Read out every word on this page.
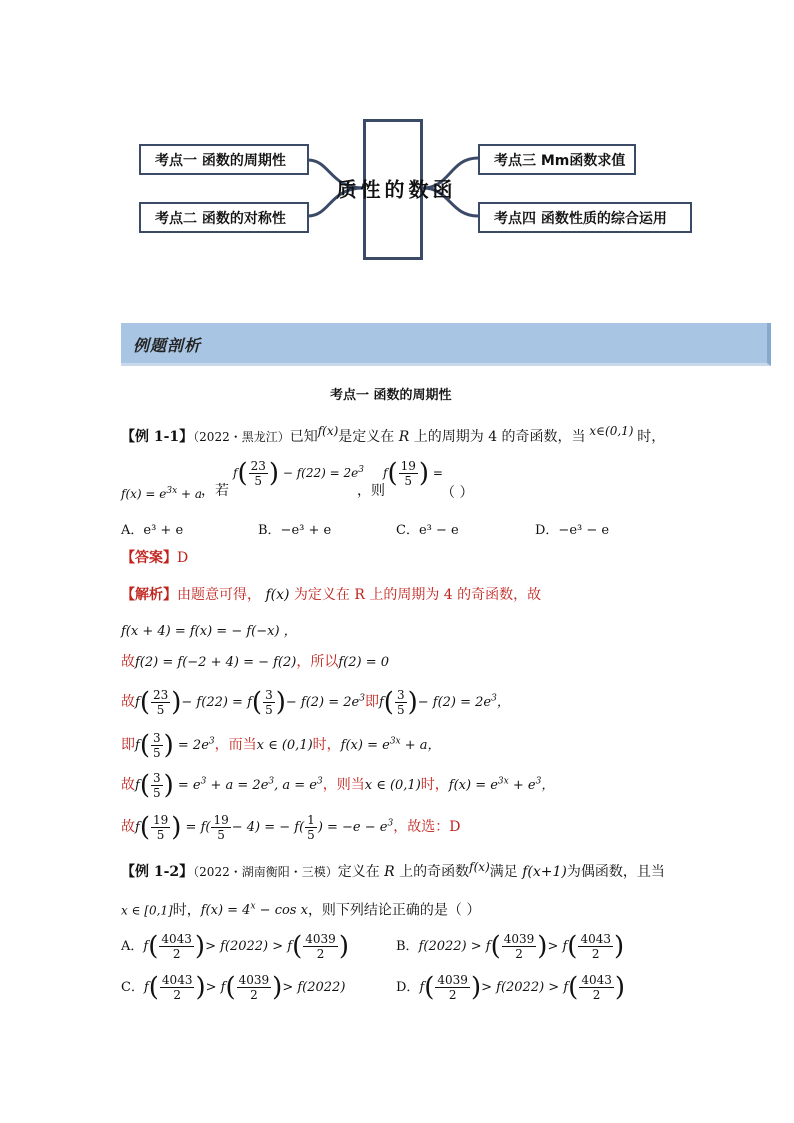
考点一 函数的周期性
考点二 函数的对称性
函
数
的
性
质
考点三 Mm函数求值
考点四 函数性质的综合运用
例题剖析
考点一 函数的周期性
【例 1-1】（2022・黑龙江）已知f(x)是定义在 R 上的周期为 4 的奇函数，当 x∈(0,1) 时，
$f(x) = e^{3x} + a$
，若
$f( \frac{23}{5}$ ) − $f(22) = 2e^3$
，则
$f( \frac{19}{5}$ ) =
（ ）
A．e³ + e	B．−e³ + e	C．e³ − e	D．−e³ − e
【答案】D
【解析】由题意可得， f(x) 为定义在 R 上的周期为 4 的奇函数，故
f(x + 4) = f(x) = − f(−x) ，
故f(2) = f(−2 + 4) = − f(2)，所以f(2) = 0
故$f( \frac{23}{5}$ )− $f(22) = f( \frac{3}{5}$ )− $f(2) = 2e^3$即$f( \frac{3}{5}$ )− $f(2) = 2e^3$，
即$f( \frac{3}{5}$ ) = $2e^3$，而当x ∈ (0,1)时，$f(x) = e^{3x} + a$，
故$f( \frac{3}{5}$ ) = $e^3 + a = 2e^3$, $a = e^3$，则当x ∈ (0,1)时，$f(x) = e^{3x} + e^3$，
故$f( \frac{19}{5}$ ) = $f( \frac{19}{5} - 4)$ = − $f( \frac{1}{5}$ ) = $-e - e^3$，故选：D
【例 1-2】（2022・湖南衡阳・三模）定义在 R 上的奇函数f(x)满足 f(x+1)为偶函数，且当
x ∈ [0,1]时，$f(x) = 4^x - \cos x$，则下列结论正确的是（ ）
A．$f( \frac{4043}{2}$ )> $f(2022) > f( \frac{4039}{2}$ )	B．$f(2022) > f( \frac{4039}{2}$ )> $f( \frac{4043}{2}$ )
C．$f( \frac{4043}{2}$ )> $f( \frac{4039}{2}$ )> f(2022)	D．$f( \frac{4039}{2}$ )> $f(2022) > f( \frac{4043}{2}$ )
